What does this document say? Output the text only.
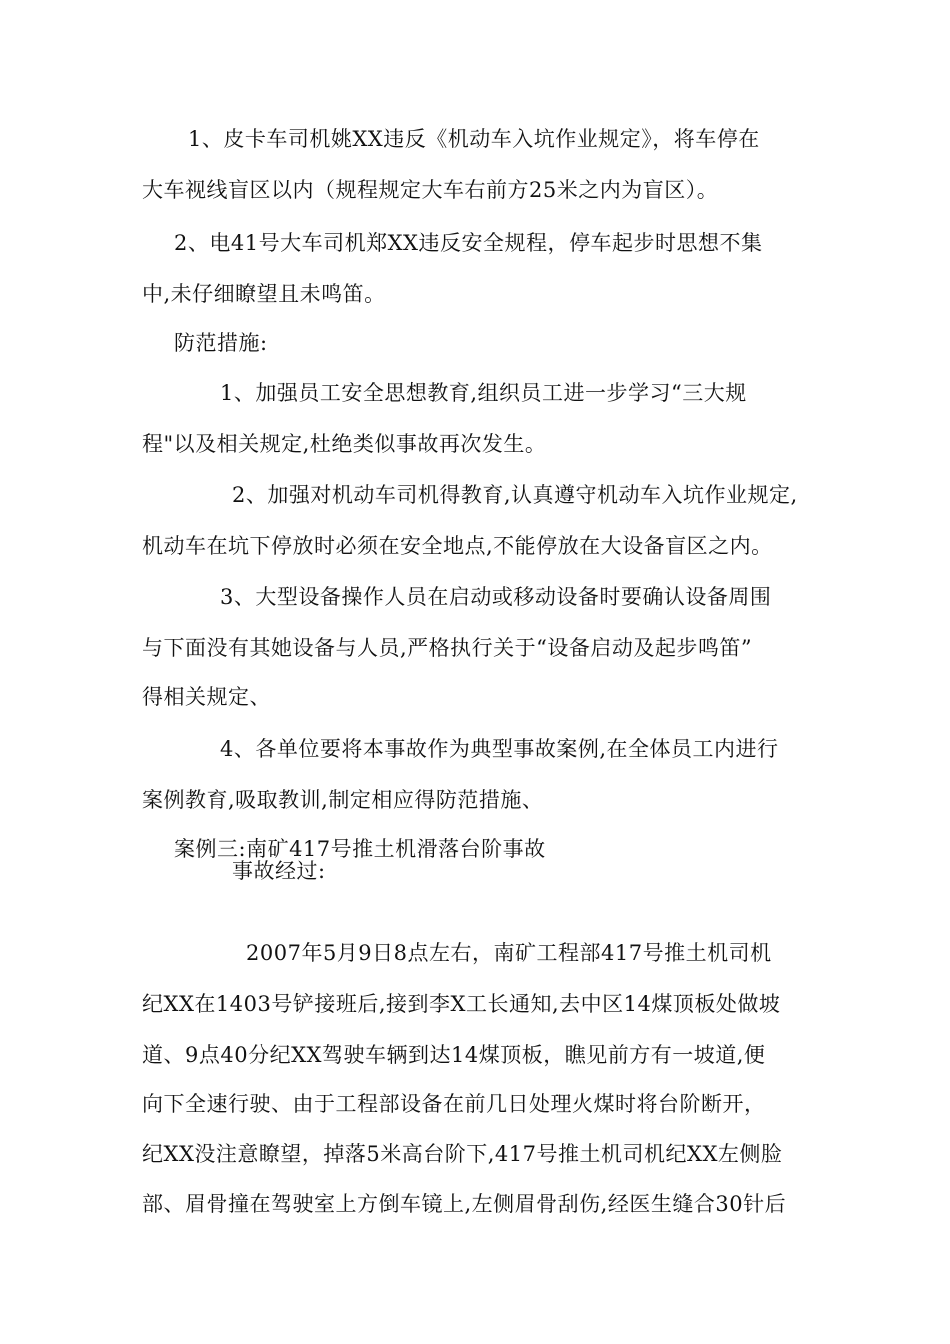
1、皮卡车司机姚XX违反《机动车入坑作业规定》，将车停在
大车视线盲区以内（规程规定大车右前方25米之内为盲区）。
2、电41号大车司机郑XX违反安全规程，停车起步时思想不集
中,未仔细瞭望且未鸣笛。
防范措施:
1、加强员工安全思想教育,组织员工进一步学习“三大规
程"以及相关规定,杜绝类似事故再次发生。
2、加强对机动车司机得教育,认真遵守机动车入坑作业规定,
机动车在坑下停放时必须在安全地点,不能停放在大设备盲区之内。
3、大型设备操作人员在启动或移动设备时要确认设备周围
与下面没有其她设备与人员,严格执行关于“设备启动及起步鸣笛”
得相关规定、
4、各单位要将本事故作为典型事故案例,在全体员工内进行
案例教育,吸取教训,制定相应得防范措施、
案例三:南矿417号推土机滑落台阶事故
事故经过:
2007年5月9日8点左右，南矿工程部417号推土机司机
纪XX在1403号铲接班后,接到李X工长通知,去中区14煤顶板处做坡
道、9点40分纪XX驾驶车辆到达14煤顶板，瞧见前方有一坡道,便
向下全速行驶、由于工程部设备在前几日处理火煤时将台阶断开，
纪XX没注意瞭望，掉落5米高台阶下,417号推土机司机纪XX左侧脸
部、眉骨撞在驾驶室上方倒车镜上,左侧眉骨刮伤,经医生缝合30针后
